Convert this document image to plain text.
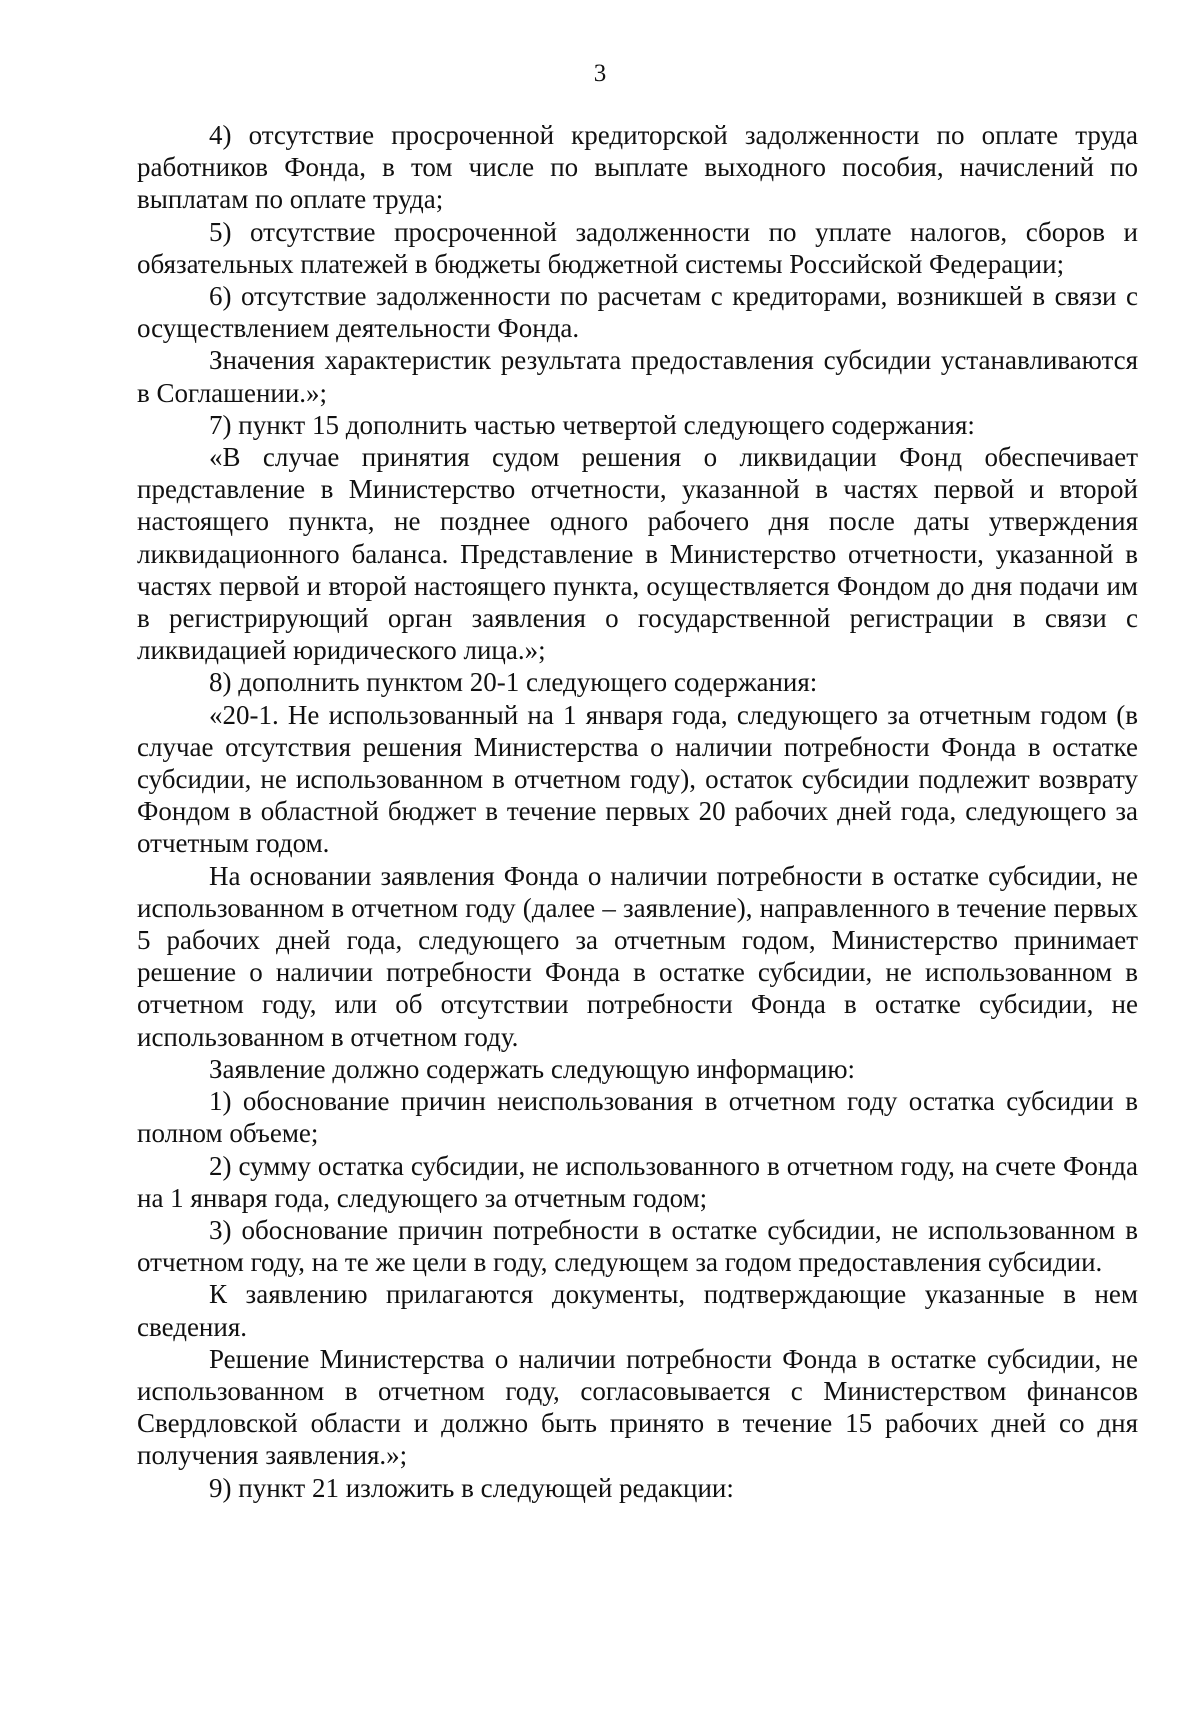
3

4) отсутствие просроченной кредиторской задолженности по оплате труда работников Фонда, в том числе по выплате выходного пособия, начислений по выплатам по оплате труда;

5) отсутствие просроченной задолженности по уплате налогов, сборов и обязательных платежей в бюджеты бюджетной системы Российской Федерации;

6) отсутствие задолженности по расчетам с кредиторами, возникшей в связи с осуществлением деятельности Фонда.

Значения характеристик результата предоставления субсидии устанавливаются в Соглашении.»;

7) пункт 15 дополнить частью четвертой следующего содержания:

«В случае принятия судом решения о ликвидации Фонд обеспечивает представление в Министерство отчетности, указанной в частях первой и второй настоящего пункта, не позднее одного рабочего дня после даты утверждения ликвидационного баланса. Представление в Министерство отчетности, указанной в частях первой и второй настоящего пункта, осуществляется Фондом до дня подачи им в регистрирующий орган заявления о государственной регистрации в связи с ликвидацией юридического лица.»;

8) дополнить пунктом 20-1 следующего содержания:

«20-1. Не использованный на 1 января года, следующего за отчетным годом (в случае отсутствия решения Министерства о наличии потребности Фонда в остатке субсидии, не использованном в отчетном году), остаток субсидии подлежит возврату Фондом в областной бюджет в течение первых 20 рабочих дней года, следующего за отчетным годом.

На основании заявления Фонда о наличии потребности в остатке субсидии, не использованном в отчетном году (далее – заявление), направленного в течение первых 5 рабочих дней года, следующего за отчетным годом, Министерство принимает решение о наличии потребности Фонда в остатке субсидии, не использованном в отчетном году, или об отсутствии потребности Фонда в остатке субсидии, не использованном в отчетном году.

Заявление должно содержать следующую информацию:

1) обоснование причин неиспользования в отчетном году остатка субсидии в полном объеме;

2) сумму остатка субсидии, не использованного в отчетном году, на счете Фонда на 1 января года, следующего за отчетным годом;

3) обоснование причин потребности в остатке субсидии, не использованном в отчетном году, на те же цели в году, следующем за годом предоставления субсидии.

К заявлению прилагаются документы, подтверждающие указанные в нем сведения.

Решение Министерства о наличии потребности Фонда в остатке субсидии, не использованном в отчетном году, согласовывается с Министерством финансов Свердловской области и должно быть принято в течение 15 рабочих дней со дня получения заявления.»;

9) пункт 21 изложить в следующей редакции:
